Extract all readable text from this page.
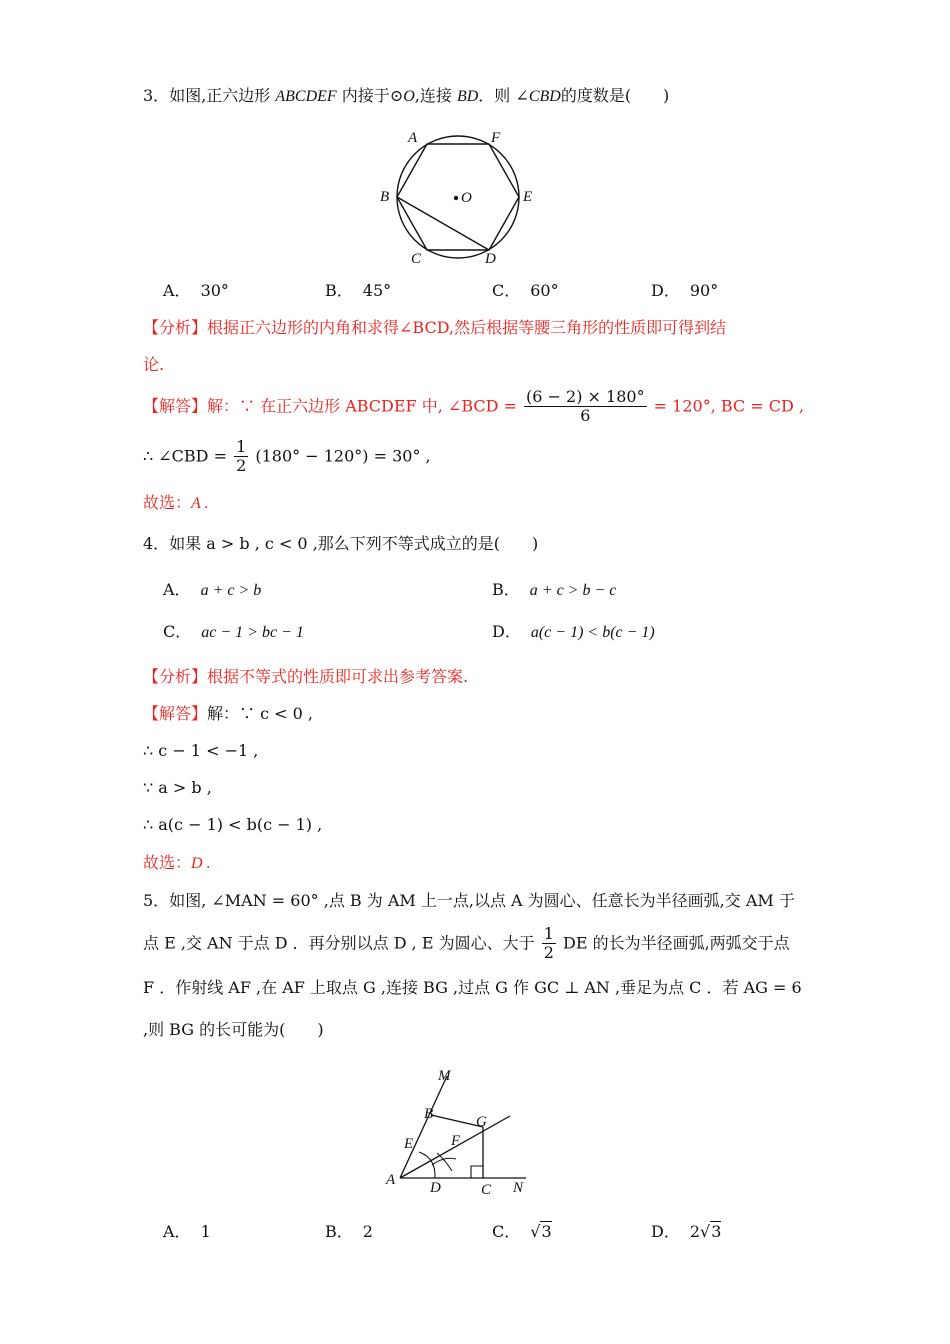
3．如图,正六边形 ABCDEF 内接于⊙O,连接 BD．则 ∠CBD的度数是(　　)
A	F
B	E
C	D
O
A． 30°	B． 45°	C． 60°	D． 90°
【分析】根据正六边形的内角和求得∠BCD,然后根据等腰三角形的性质即可得到结
论.
【解答】解：∵ 在正六边形 ABCDEF 中, ∠BCD = $\frac{(6 - 2) \times 180^\circ}{6} = 120^\circ$, BC = CD ,
∴ ∠CBD = $\frac{1}{2} (180^\circ - 120^\circ) = 30^\circ$ ,
故选：A .
4．如果 a > b , c < 0 ,那么下列不等式成立的是(　　)
A． a + c > b	B． a + c > b − c
C． ac − 1 > bc − 1	D． a(c − 1) < b(c − 1)
【分析】根据不等式的性质即可求出参考答案.
【解答】解：∵ c < 0 ,
∴ c − 1 < −1 ,
∵ a > b ,
∴ a(c − 1) < b(c − 1) ,
故选：D .
5．如图, ∠MAN = 60° ,点 B 为 AM 上一点,以点 A 为圆心、任意长为半径画弧,交 AM 于
点 E ,交 AN 于点 D ．再分别以点 D , E 为圆心、大于 $\frac{1}{2}$ DE 的长为半径画弧,两弧交于点
F ．作射线 AF ,在 AF 上取点 G ,连接 BG ,过点 G 作 GC ⊥ AN ,垂足为点 C ．若 AG = 6
,则 BG 的长可能为(　　)
M
B	G
E	F
A D	C N
A． 1	B． 2	C． √3	D． 2√3
